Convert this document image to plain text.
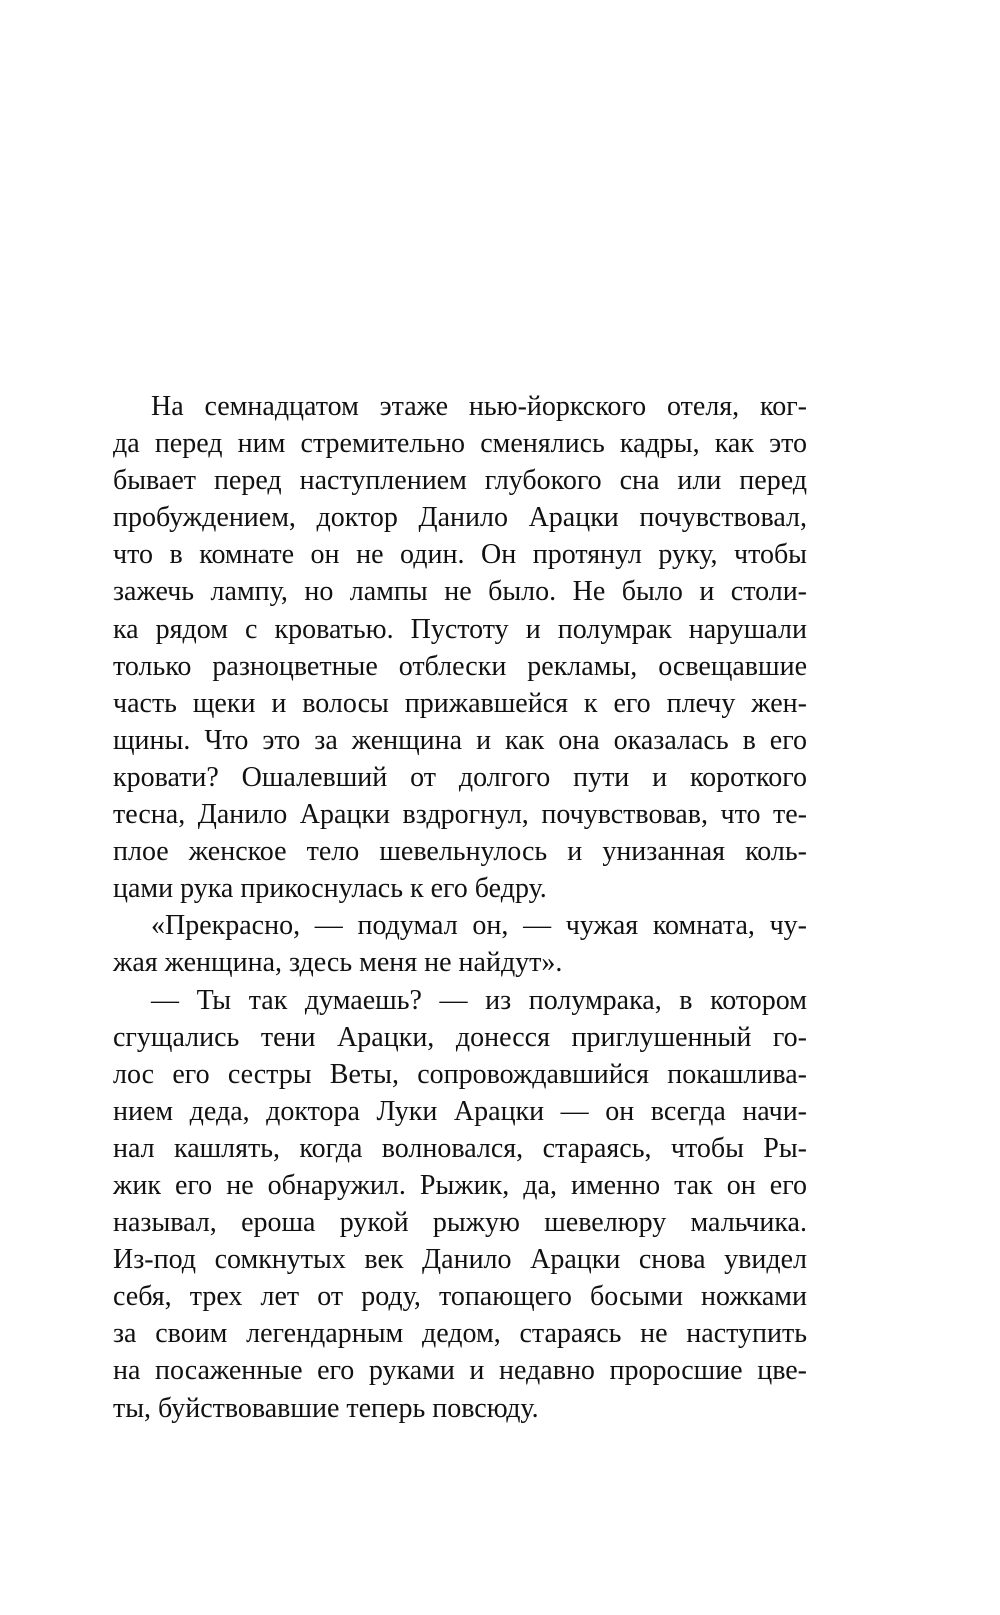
На семнадцатом этаже нью-йоркского отеля, ког-
да перед ним стремительно сменялись кадры, как это
бывает перед наступлением глубокого сна или перед
пробуждением, доктор Данило Арацки почувствовал,
что в комнате он не один. Он протянул руку, чтобы
зажечь лампу, но лампы не было. Не было и столи-
ка рядом с кроватью. Пустоту и полумрак нарушали
только разноцветные отблески рекламы, освещавшие
часть щеки и волосы прижавшейся к его плечу жен-
щины. Что это за женщина и как она оказалась в его
кровати? Ошалевший от долгого пути и короткого
тесна, Данило Арацки вздрогнул, почувствовав, что те-
плое женское тело шевельнулось и унизанная коль-
цами рука прикоснулась к его бедру.
«Прекрасно, — подумал он, — чужая комната, чу-
жая женщина, здесь меня не найдут».
— Ты так думаешь? — из полумрака, в котором
сгущались тени Арацки, донесся приглушенный го-
лос его сестры Веты, сопровождавшийся покашлива-
нием деда, доктора Луки Арацки — он всегда начи-
нал кашлять, когда волновался, стараясь, чтобы Ры-
жик его не обнаружил. Рыжик, да, именно так он его
называл, ероша рукой рыжую шевелюру мальчика.
Из-под сомкнутых век Данило Арацки снова увидел
себя, трех лет от роду, топающего босыми ножками
за своим легендарным дедом, стараясь не наступить
на посаженные его руками и недавно проросшие цве-
ты, буйствовавшие теперь повсюду.
